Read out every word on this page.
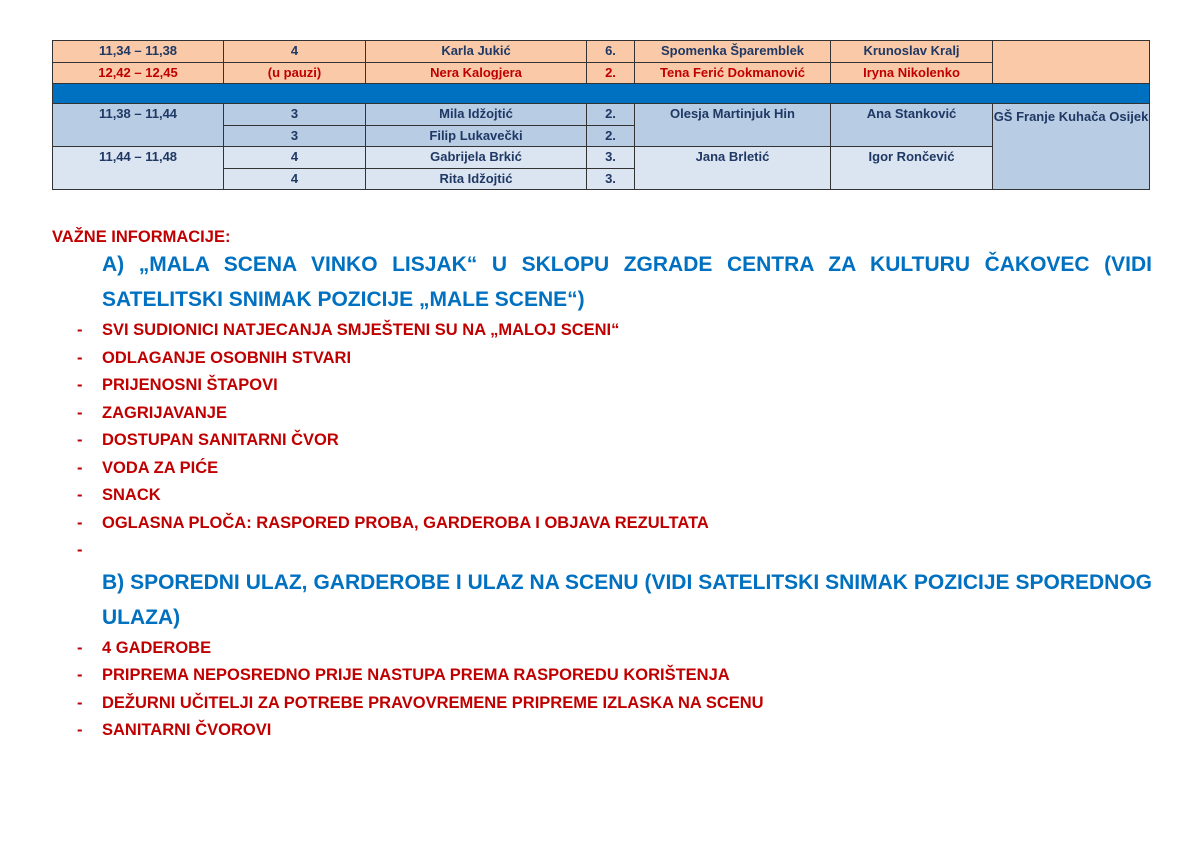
11,34 – 11,38	4	Karla Jukić	6.	Spomenka Šparemblek	Krunoslav Kralj	
12,42 – 12,45	(u pauzi)	Nera Kalogjera	2.	Tena Ferić Dokmanović	Iryna Nikolenko	

11,38 – 11,44	3	Mila Idžojtić	2.	Olesja Martinjuk Hin	Ana Stanković	GŠ Franje Kuhača Osijek
	3	Filip Lukavečki	2.			
11,44 – 11,48	4	Gabrijela Brkić	3.	Jana Brletić	Igor Rončević	
	4	Rita Idžojtić	3.			
VAŽNE INFORMACIJE:
A) „MALA SCENA VINKO LISJAK“ U SKLOPU ZGRADE CENTRA ZA KULTURU ČAKOVEC (VIDI SATELITSKI SNIMAK POZICIJE „MALE SCENE“)
- SVI SUDIONICI NATJECANJA SMJEŠTENI SU NA „MALOJ SCENI“
- ODLAGANJE OSOBNIH STVARI
- PRIJENOSNI ŠTAPOVI
- ZAGRIJAVANJE
- DOSTUPAN SANITARNI ČVOR
- VODA ZA PIĆE
- SNACK
- OGLASNA PLOČA: RASPORED PROBA, GARDEROBA I OBJAVA REZULTATA
-
B) SPOREDNI ULAZ, GARDEROBE I ULAZ NA SCENU (VIDI SATELITSKI SNIMAK POZICIJE SPOREDNOG ULAZA)
- 4 GADEROBE
- PRIPREMA NEPOSREDNO PRIJE NASTUPA PREMA RASPOREDU KORIŠTENJA
- DEŽURNI UČITELJI ZA POTREBE PRAVOVREMENE PRIPREME IZLASKA NA SCENU
- SANITARNI ČVOROVI
